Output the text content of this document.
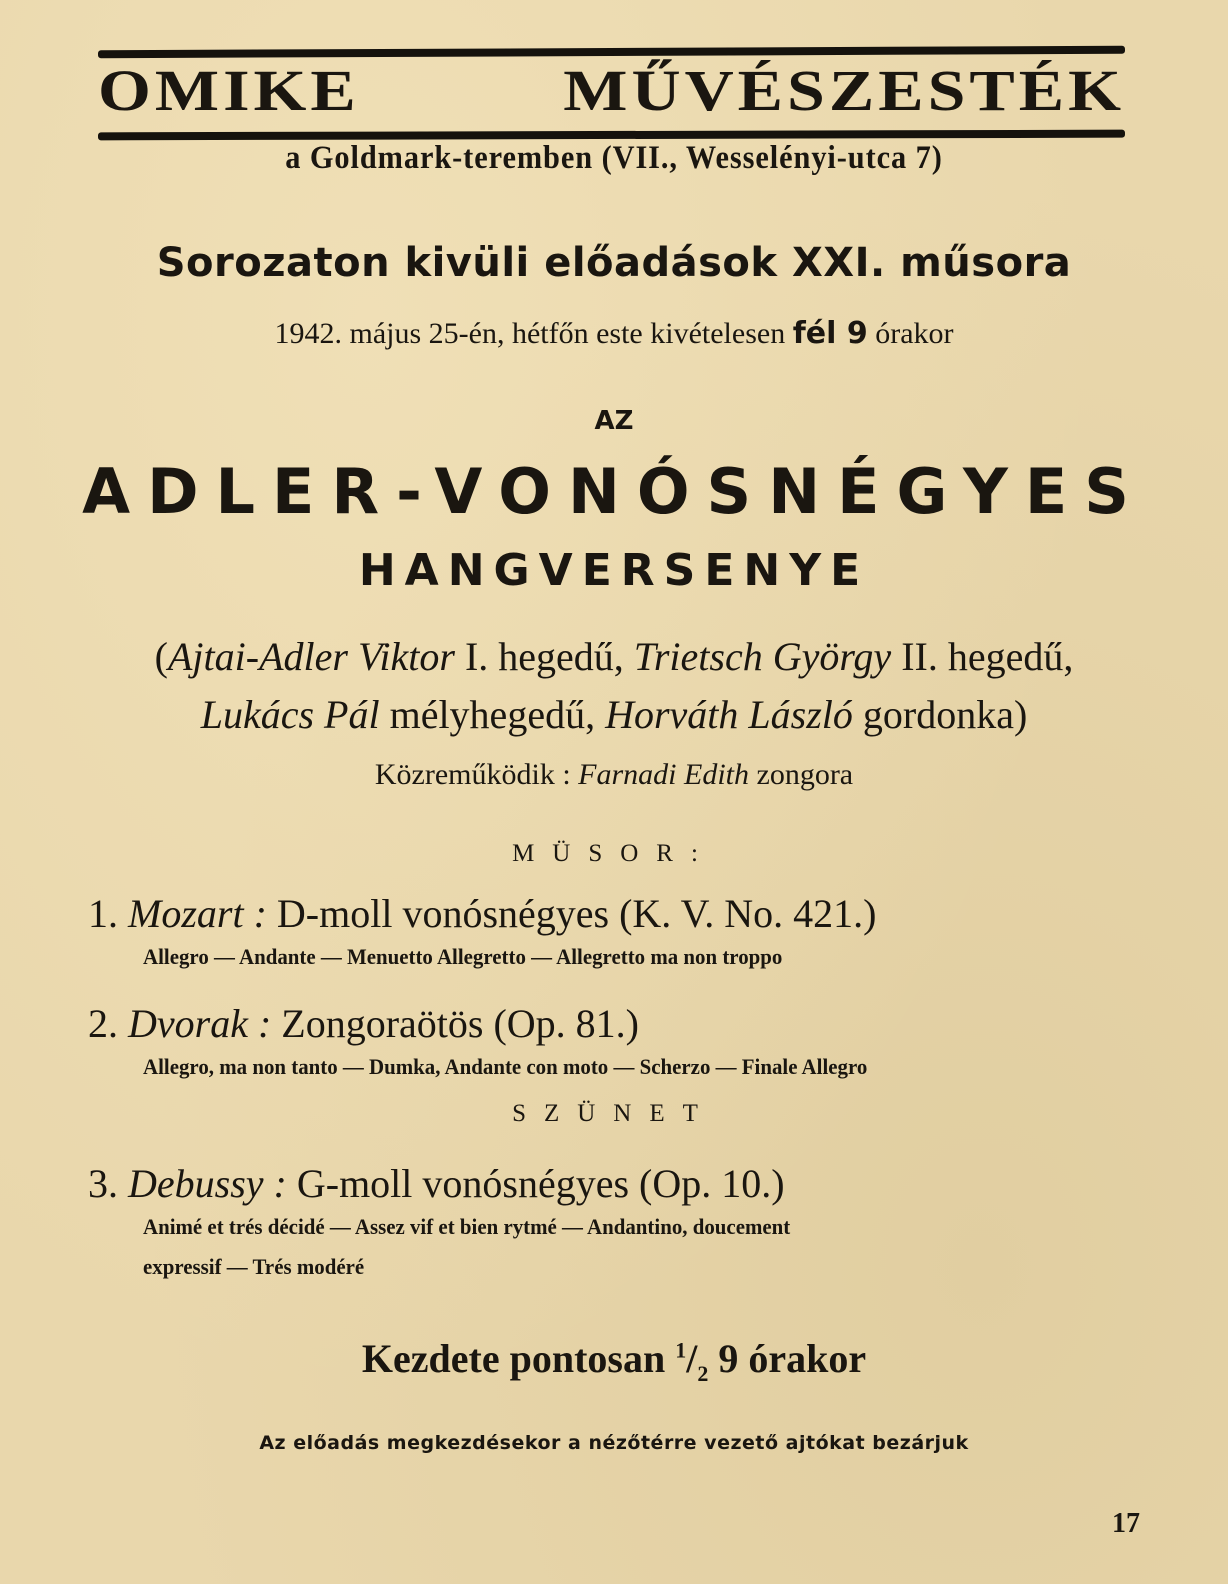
OMIKE MŰVÉSZESTÉK
a Goldmark-teremben (VII., Wesselényi-utca 7)
Sorozaton kivüli előadások XXI. műsora
1942. május 25-én, hétfőn este kivételesen fél 9 órakor
AZ
ADLER-VONÓSNÉGYES
HANGVERSENYE
(Ajtai-Adler Viktor I. hegedű, Trietsch György II. hegedű,
Lukács Pál mélyhegedű, Horváth László gordonka)
Közreműködik : Farnadi Edith zongora
MÜSOR:
1. Mozart : D-moll vonósnégyes (K. V. No. 421.)
Allegro — Andante — Menuetto Allegretto — Allegretto ma non troppo
2. Dvorak : Zongoraötös (Op. 81.)
Allegro, ma non tanto — Dumka, Andante con moto — Scherzo — Finale Allegro
SZÜNET
3. Debussy : G-moll vonósnégyes (Op. 10.)
Animé et trés décidé — Assez vif et bien rytmé — Andantino, doucement
expressif — Trés modéré
Kezdete pontosan $^1/_2$ 9 órakor
Az előadás megkezdésekor a nézőtérre vezető ajtókat bezárjuk
17
